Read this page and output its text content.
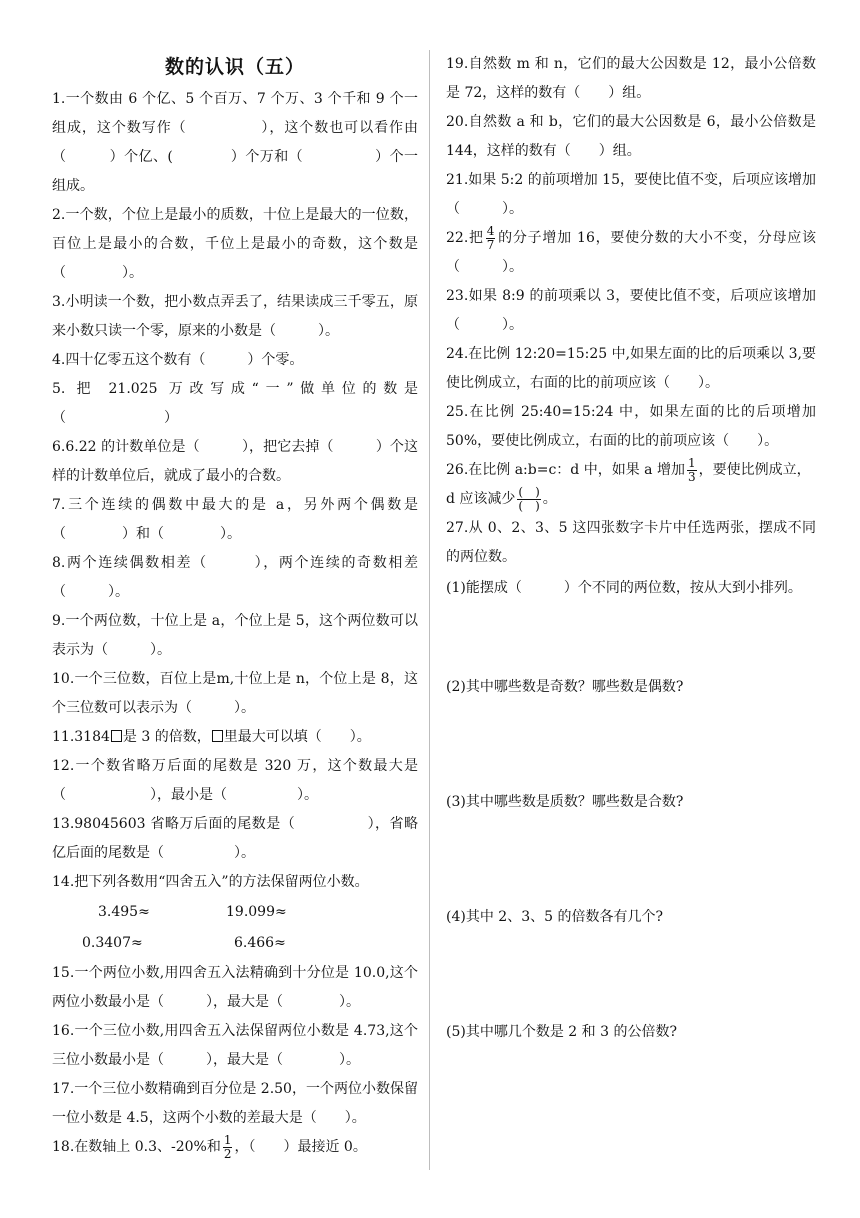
数的认识（五）

1.一个数由 6 个亿、5 个百万、7 个万、3 个千和 9 个一组成，这个数写作（　　　　　），这个数也可以看作由（　　　）个亿、(　　　　）个万和（　　　　　）个一组成。

2.一个数，个位上是最小的质数，十位上是最大的一位数，百位上是最小的合数，千位上是最小的奇数，这个数是（　　　　）。

3.小明读一个数，把小数点弄丢了，结果读成三千零五，原来小数只读一个零，原来的小数是（　　　）。

4.四十亿零五这个数有（　　　）个零。

5. 把 21.025 万改写成“一”做单位的数是（　　　　　　　）

6.6.22 的计数单位是（　　　），把它去掉（　　　）个这样的计数单位后，就成了最小的合数。

7.三个连续的偶数中最大的是 a，另外两个偶数是（　　　　）和（　　　　）。

8.两个连续偶数相差（　　　），两个连续的奇数相差（　　　）。

9.一个两位数，十位上是 a，个位上是 5，这个两位数可以表示为（　　　）。

10.一个三位数，百位上是m,十位上是 n，个位上是 8，这个三位数可以表示为（　　　）。

11.3184 是 3 的倍数， 里最大可以填（　　）。

12.一个数省略万后面的尾数是 320 万，这个数最大是（　　　　　　），最小是（　　　　　）。

13.98045603 省略万后面的尾数是（　　　　　），省略亿后面的尾数是（　　　　　）。

14.把下列各数用“四舍五入”的方法保留两位小数。

3.495≈	19.099≈
0.3407≈	6.466≈

15.一个两位小数,用四舍五入法精确到十分位是 10.0,这个两位小数最小是（　　　），最大是（　　　　）。

16.一个三位小数,用四舍五入法保留两位小数是 4.73,这个三位小数最小是（　　　），最大是（　　　　）。

17.一个三位小数精确到百分位是 2.50，一个两位小数保留一位小数是 4.5，这两个小数的差最大是（　　）。

18.在数轴上 0.3、-20%和 $\frac{1}{2}$ ，（　　）最接近 0。

19.自然数 m 和 n，它们的最大公因数是 12，最小公倍数是 72，这样的数有（　　）组。

20.自然数 a 和 b，它们的最大公因数是 6，最小公倍数是 144，这样的数有（　　）组。

21.如果 5:2 的前项增加 15，要使比值不变，后项应该增加（　　　）。

22.把 $\frac{4}{7}$ 的分子增加 16，要使分数的大小不变，分母应该（　　　）。

23.如果 8:9 的前项乘以 3，要使比值不变，后项应该增加（　　　）。

24.在比例 12:20=15:25 中,如果左面的比的后项乘以 3,要使比例成立，右面的比的前项应该（　　）。

25.在比例 25:40=15:24 中，如果左面的比的后项增加50%，要使比例成立，右面的比的前项应该（　　）。

26.在比例 a:b=c：d 中，如果 a 增加 $\frac{1}{3}$ ，要使比例成立，
d 应该减少 $\frac{( )}{( )}$ 。

27.从 0、2、3、5 这四张数字卡片中任选两张，摆成不同的两位数。

(1)能摆成（　　　）个不同的两位数，按从大到小排列。

(2)其中哪些数是奇数？哪些数是偶数?

(3)其中哪些数是质数？哪些数是合数?

(4)其中 2、3、5 的倍数各有几个?

(5)其中哪几个数是 2 和 3 的公倍数?
